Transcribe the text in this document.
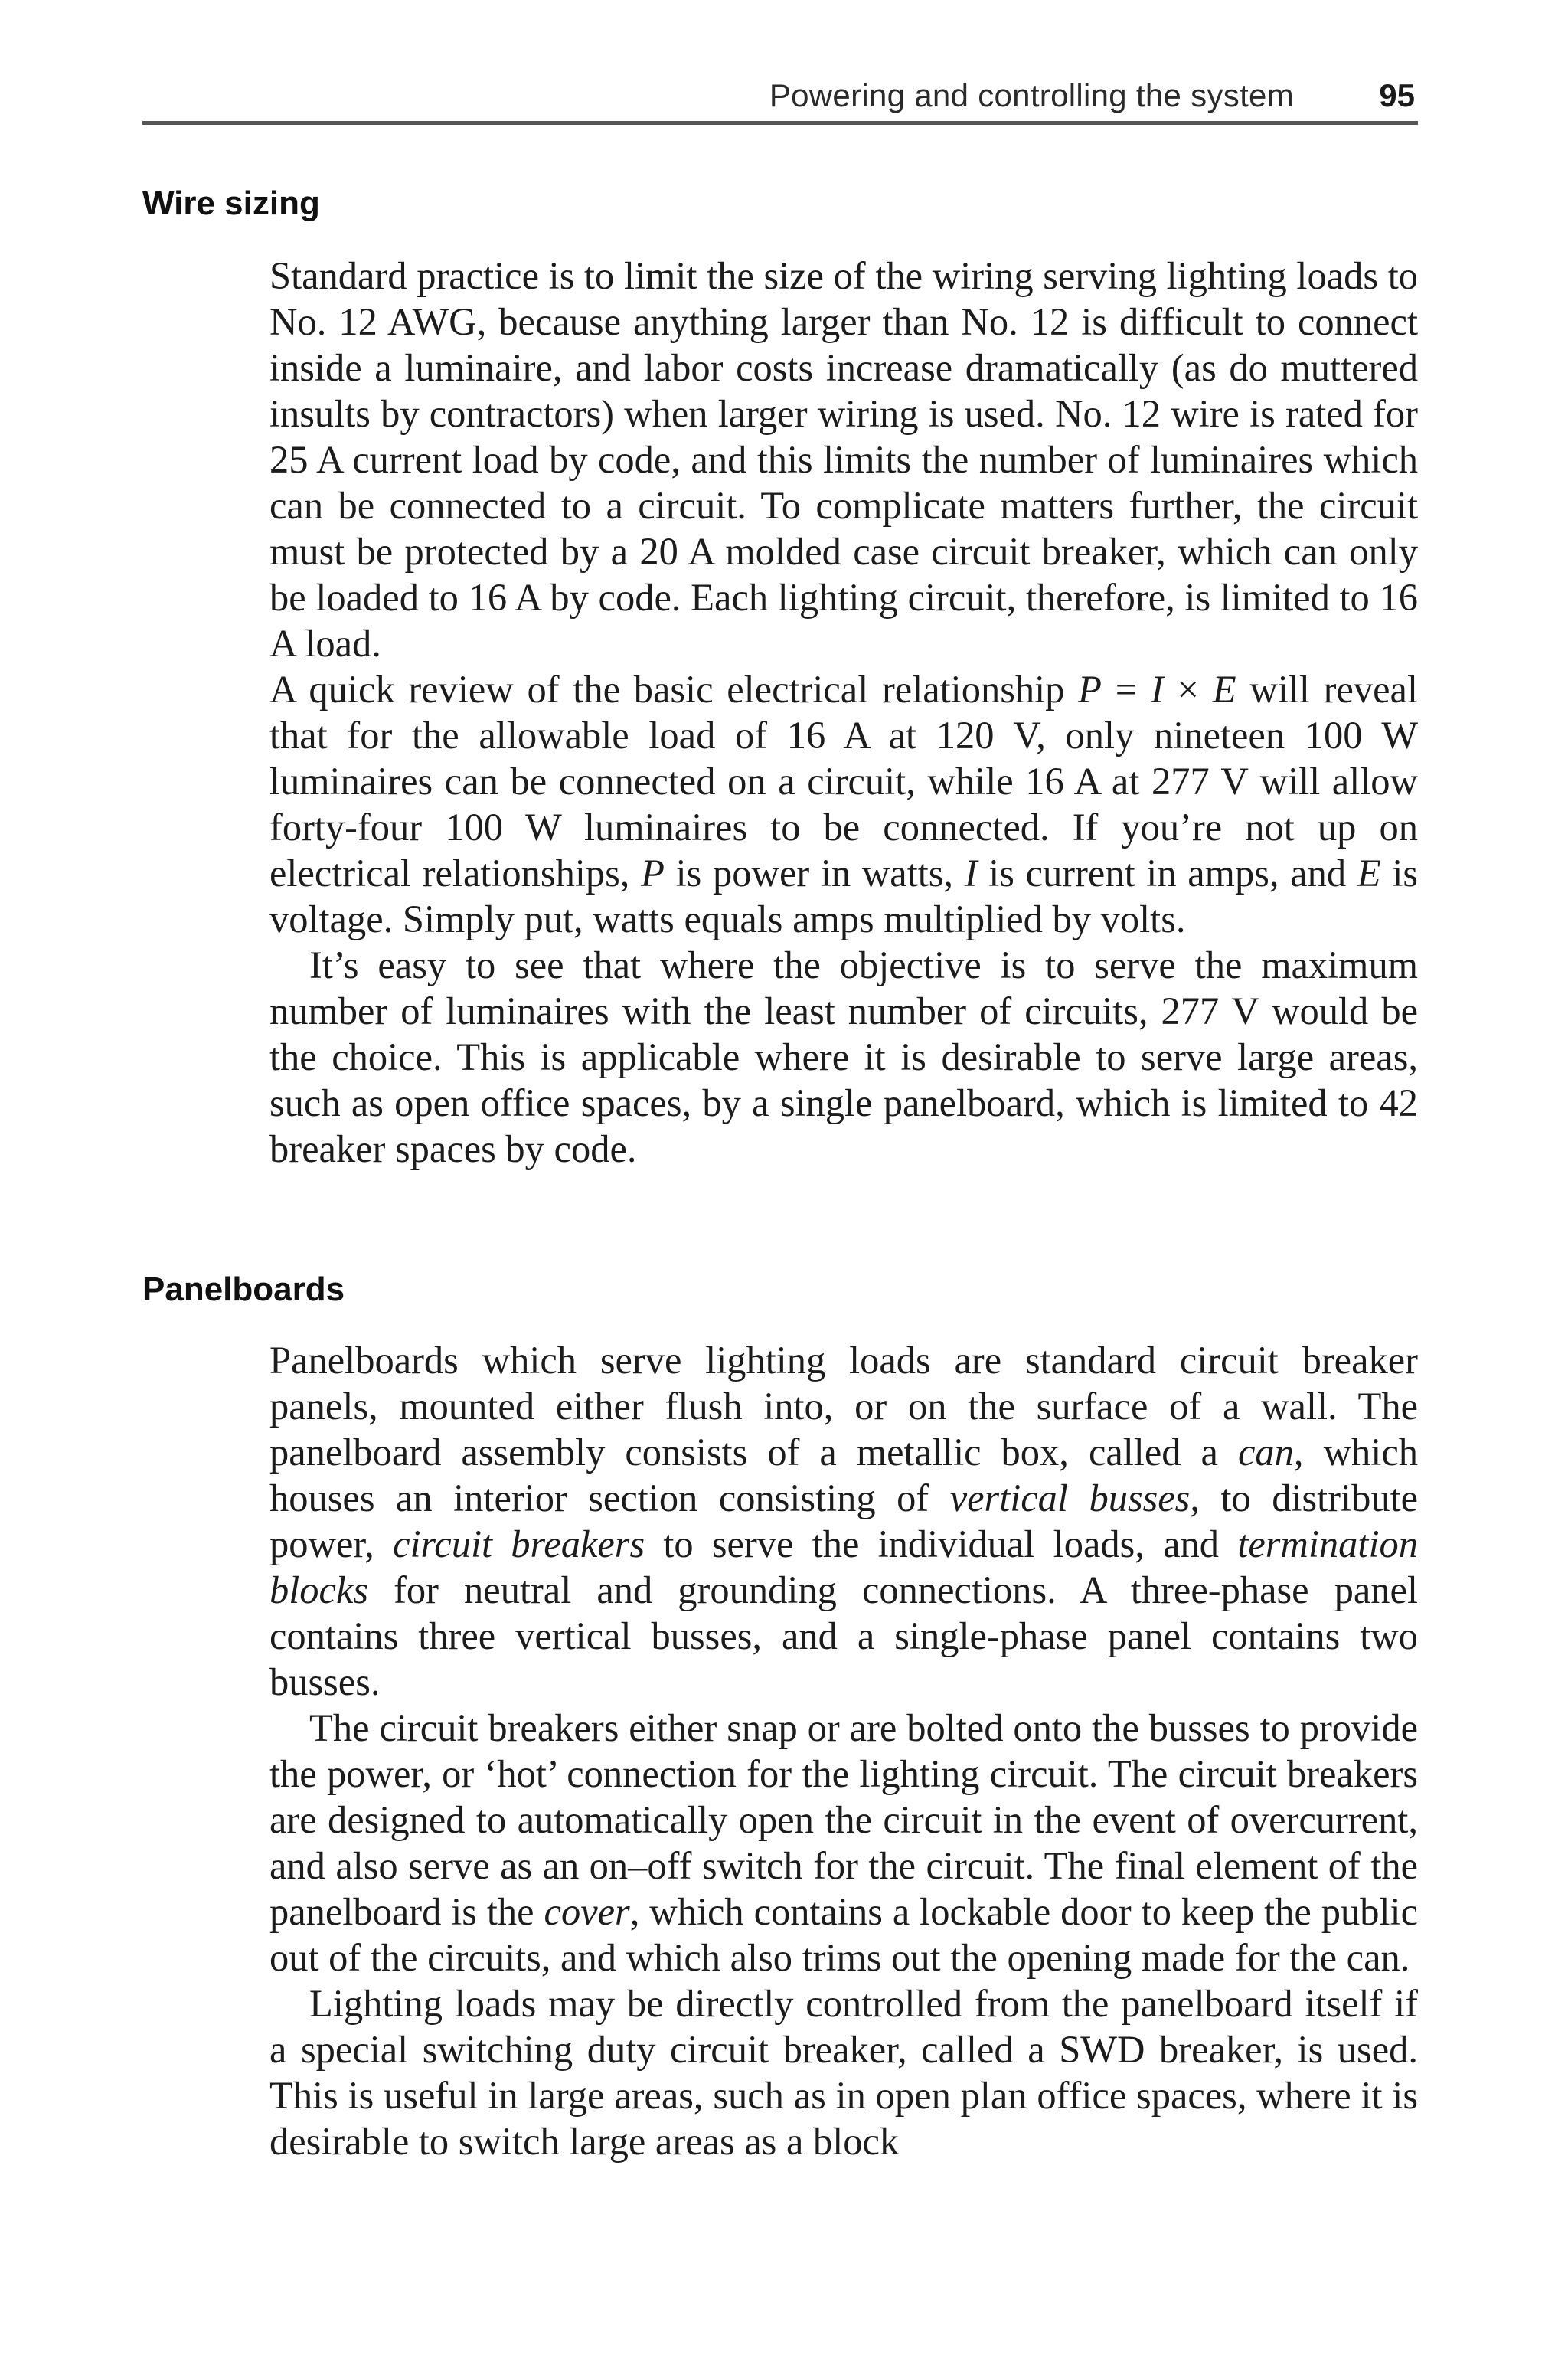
Powering and controlling the system	95
Wire sizing

Standard practice is to limit the size of the wiring serving lighting loads to No. 12 AWG, because anything larger than No. 12 is difficult to connect inside a luminaire, and labor costs increase dramatically (as do muttered insults by contractors) when larger wiring is used. No. 12 wire is rated for 25 A current load by code, and this limits the number of luminaires which can be connected to a circuit. To complicate matters further, the circuit must be protected by a 20 A molded case circuit breaker, which can only be loaded to 16 A by code. Each lighting circuit, therefore, is limited to 16 A load.

A quick review of the basic electrical relationship P = I × E will reveal that for the allowable load of 16 A at 120 V, only nineteen 100 W luminaires can be connected on a circuit, while 16 A at 277 V will allow forty-four 100 W luminaires to be connected. If you’re not up on electrical relationships, P is power in watts, I is current in amps, and E is voltage. Simply put, watts equals amps multiplied by volts.

It’s easy to see that where the objective is to serve the maximum number of luminaires with the least number of circuits, 277 V would be the choice. This is applicable where it is desirable to serve large areas, such as open office spaces, by a single panelboard, which is limited to 42 breaker spaces by code.

Panelboards

Panelboards which serve lighting loads are standard circuit breaker panels, mounted either flush into, or on the surface of a wall. The panelboard assembly consists of a metallic box, called a can, which houses an interior section consisting of vertical busses, to distribute power, circuit breakers to serve the individual loads, and termination blocks for neutral and grounding connections. A three-phase panel contains three vertical busses, and a single-phase panel contains two busses.

The circuit breakers either snap or are bolted onto the busses to provide the power, or ‘hot’ connection for the lighting circuit. The circuit breakers are designed to automatically open the circuit in the event of overcurrent, and also serve as an on–off switch for the circuit. The final element of the panelboard is the cover, which contains a lockable door to keep the public out of the circuits, and which also trims out the opening made for the can.

Lighting loads may be directly controlled from the panelboard itself if a special switching duty circuit breaker, called a SWD breaker, is used. This is useful in large areas, such as in open plan office spaces, where it is desirable to switch large areas as a block
